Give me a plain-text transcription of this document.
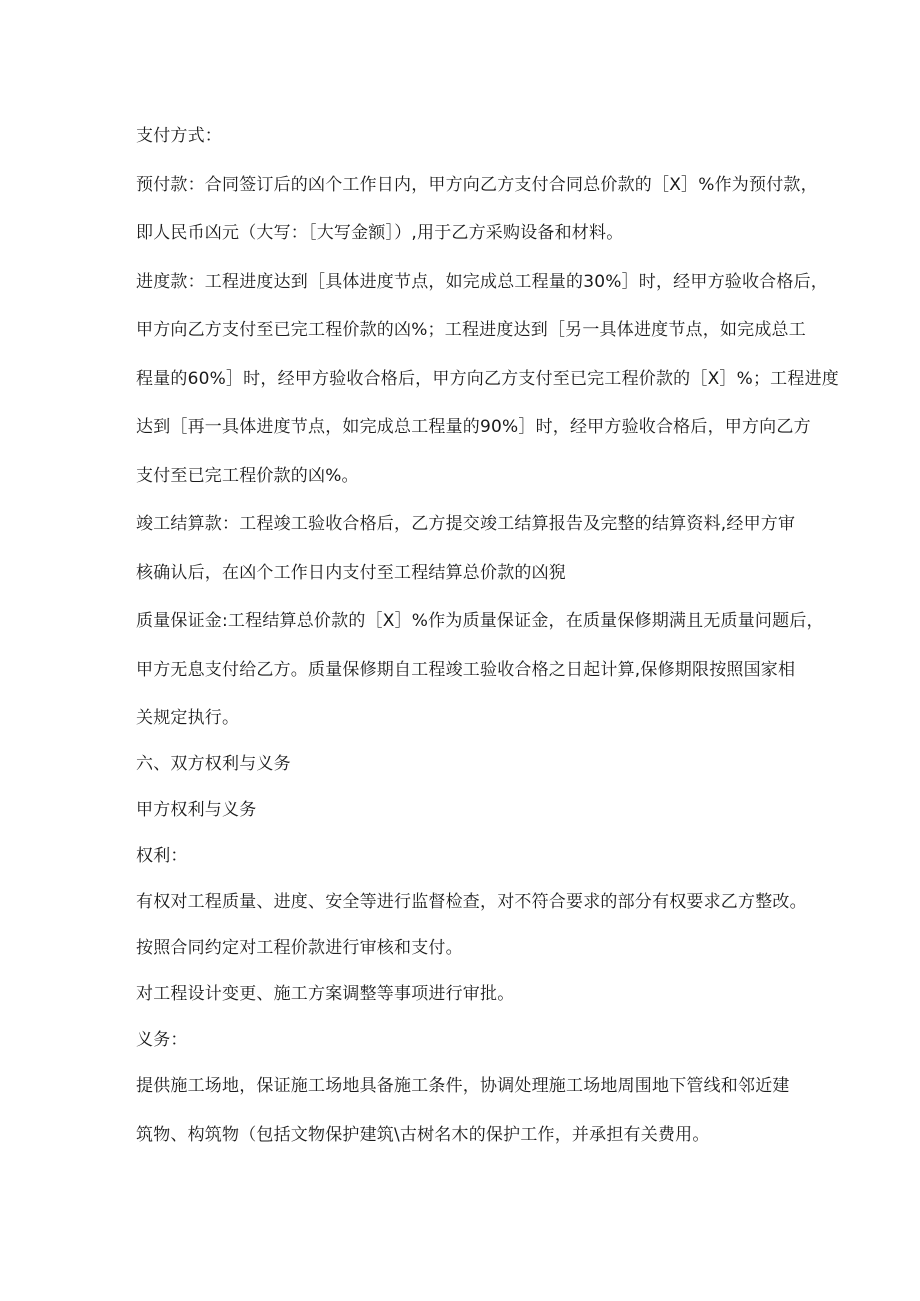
支付方式：
预付款：合同签订后的凶个工作日内，甲方向乙方支付合同总价款的［X］%作为预付款，
即人民币凶元（大写：［大写金额］）,用于乙方采购设备和材料。
进度款：工程进度达到［具体进度节点，如完成总工程量的30%］时，经甲方验收合格后，
甲方向乙方支付至已完工程价款的凶%；工程进度达到［另一具体进度节点，如完成总工
程量的60%］时，经甲方验收合格后，甲方向乙方支付至已完工程价款的［X］%；工程进度
达到［再一具体进度节点，如完成总工程量的90%］时，经甲方验收合格后，甲方向乙方
支付至已完工程价款的凶%。
竣工结算款：工程竣工验收合格后，乙方提交竣工结算报告及完整的结算资料,经甲方审
核确认后，在凶个工作日内支付至工程结算总价款的凶猊
质量保证金:工程结算总价款的［X］%作为质量保证金，在质量保修期满且无质量问题后，
甲方无息支付给乙方。质量保修期自工程竣工验收合格之日起计算,保修期限按照国家相
关规定执行。
六、双方权利与义务
甲方权利与义务
权利：
有权对工程质量、进度、安全等进行监督检查，对不符合要求的部分有权要求乙方整改。
按照合同约定对工程价款进行审核和支付。
对工程设计变更、施工方案调整等事项进行审批。
义务：
提供施工场地，保证施工场地具备施工条件，协调处理施工场地周围地下管线和邻近建
筑物、构筑物（包括文物保护建筑\古树名木的保护工作，并承担有关费用。
